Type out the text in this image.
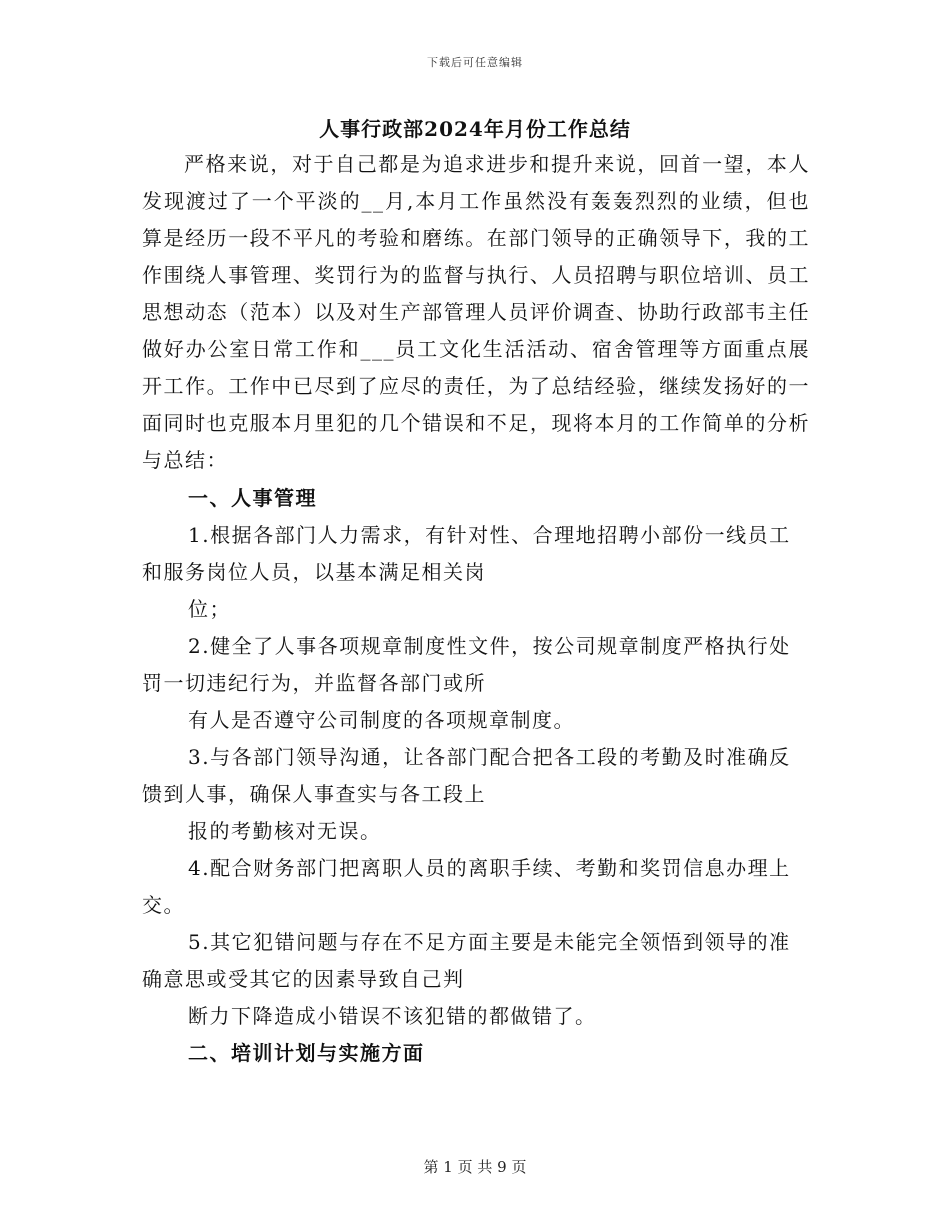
下载后可任意编辑
人事行政部2024年月份工作总结

严格来说，对于自己都是为追求进步和提升来说，回首一望，本人发现渡过了一个平淡的__月,本月工作虽然没有轰轰烈烈的业绩，但也算是经历一段不平凡的考验和磨练。在部门领导的正确领导下，我的工作围绕人事管理、奖罚行为的监督与执行、人员招聘与职位培训、员工思想动态（范本）以及对生产部管理人员评价调查、协助行政部韦主任做好办公室日常工作和___员工文化生活活动、宿舍管理等方面重点展开工作。工作中已尽到了应尽的责任，为了总结经验，继续发扬好的一面同时也克服本月里犯的几个错误和不足，现将本月的工作简单的分析与总结：

一、人事管理

1.根据各部门人力需求，有针对性、合理地招聘小部份一线员工

和服务岗位人员，以基本满足相关岗

位；

2.健全了人事各项规章制度性文件，按公司规章制度严格执行处

罚一切违纪行为，并监督各部门或所

有人是否遵守公司制度的各项规章制度。

3.与各部门领导沟通，让各部门配合把各工段的考勤及时准确反

馈到人事，确保人事查实与各工段上

报的考勤核对无误。

4.配合财务部门把离职人员的离职手续、考勤和奖罚信息办理上

交。

5.其它犯错问题与存在不足方面主要是未能完全领悟到领导的准

确意思或受其它的因素导致自己判

断力下降造成小错误不该犯错的都做错了。

二、培训计划与实施方面

第 1 页 共 9 页
